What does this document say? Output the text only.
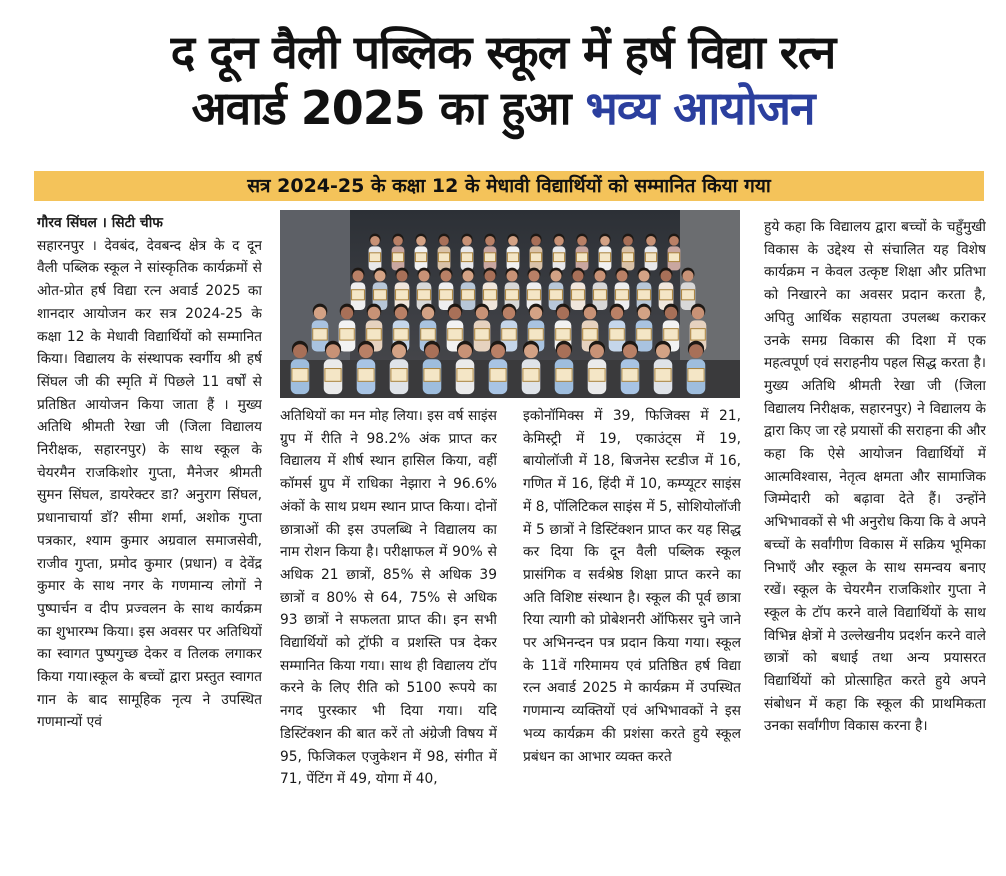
द दून वैली पब्लिक स्कूल में हर्ष विद्या रत्न
अवार्ड 2025 का हुआ भव्य आयोजन
सत्र 2024-25 के कक्षा 12 के मेधावी विद्यार्थियों को सम्मानित किया गया
गौरव सिंघल । सिटी चीफ

सहारनपुर । देवबंद, देवबन्द क्षेत्र के द दून वैली पब्लिक स्कूल ने सांस्कृतिक कार्यक्रमों से ओत-प्रोत हर्ष विद्या रत्न अवार्ड 2025 का शानदार आयोजन कर सत्र 2024-25 के कक्षा 12 के मेधावी विद्यार्थियों को सम्मानित किया। विद्यालय के संस्थापक स्वर्गीय श्री हर्ष सिंघल जी की स्मृति में पिछले 11 वर्षों से प्रतिष्ठित आयोजन किया जाता हैं । मुख्य अतिथि श्रीमती रेखा जी (जिला विद्यालय निरीक्षक, सहारनपुर) के साथ स्कूल के चेयरमैन राजकिशोर गुप्ता, मैनेजर श्रीमती सुमन सिंघल, डायरेक्टर डा? अनुराग सिंघल, प्रधानाचार्या डॉ? सीमा शर्मा, अशोक गुप्ता पत्रकार, श्याम कुमार अग्रवाल समाजसेवी, राजीव गुप्ता, प्रमोद कुमार (प्रधान) व देवेंद्र कुमार के साथ नगर के गणमान्य लोगों ने पुष्पार्चन व दीप प्रज्वलन के साथ कार्यक्रम का शुभारम्भ किया। इस अवसर पर अतिथियों का स्वागत पुष्पगुच्छ देकर व तिलक लगाकर किया गया।स्कूल के बच्चों द्वारा प्रस्तुत स्वागत गान के बाद सामूहिक नृत्य ने उपस्थित गणमान्यों एवं

अतिथियों का मन मोह लिया। इस वर्ष साइंस ग्रुप में रीति ने 98.2% अंक प्राप्त कर विद्यालय में शीर्ष स्थान हासिल किया, वहीं कॉमर्स ग्रुप में राधिका नेझारा ने 96.6% अंकों के साथ प्रथम स्थान प्राप्त किया। दोनों छात्राओं की इस उपलब्धि ने विद्यालय का नाम रोशन किया है। परीक्षाफल में 90% से अधिक 21 छात्रों, 85% से अधिक 39 छात्रों व 80% से 64, 75% से अधिक 93 छात्रों ने सफलता प्राप्त की। इन सभी विद्यार्थियों को ट्रॉफी व प्रशस्ति पत्र देकर सम्मानित किया गया। साथ ही विद्यालय टॉप करने के लिए रीति को 5100 रूपये का नगद पुरस्कार भी दिया गया। यदि डिस्टिंक्शन की बात करें तो अंग्रेजी विषय में 95, फिजिकल एजुकेशन में 98, संगीत में 71, पेंटिंग में 49, योगा में 40,

इकोनॉमिक्स में 39, फिजिक्स में 21, केमिस्ट्री में 19, एकाउंट्स में 19, बायोलॉजी में 18, बिजनेस स्टडीज में 16, गणित में 16, हिंदी में 10, कम्प्यूटर साइंस में 8, पॉलिटिकल साइंस में 5, सोशियोलॉजी में 5 छात्रों ने डिस्टिंक्शन प्राप्त कर यह सिद्ध कर दिया कि दून वैली पब्लिक स्कूल प्रासंगिक व सर्वश्रेष्ठ शिक्षा प्राप्त करने का अति विशिष्ट संस्थान है। स्कूल की पूर्व छात्रा रिया त्यागी को प्रोबेशनरी ऑफिसर चुने जाने पर अभिनन्दन पत्र प्रदान किया गया। स्कूल के 11वें गरिमामय एवं प्रतिष्ठित हर्ष विद्या रत्न अवार्ड 2025 मे कार्यक्रम में उपस्थित गणमान्य व्यक्तियों एवं अभिभावकों ने इस भव्य कार्यक्रम की प्रशंसा करते हुये स्कूल प्रबंधन का आभार व्यक्त करते

हुये कहा कि विद्यालय द्वारा बच्चों के चहुँमुखी विकास के उद्देश्य से संचालित यह विशेष कार्यक्रम न केवल उत्कृष्ट शिक्षा और प्रतिभा को निखारने का अवसर प्रदान करता है, अपितु आर्थिक सहायता उपलब्ध कराकर उनके समग्र विकास की दिशा में एक महत्वपूर्ण एवं सराहनीय पहल सिद्ध करता है। मुख्य अतिथि श्रीमती रेखा जी (जिला विद्यालय निरीक्षक, सहारनपुर) ने विद्यालय के द्वारा किए जा रहे प्रयासों की सराहना की और कहा कि ऐसे आयोजन विद्यार्थियों में आत्मविश्वास, नेतृत्व क्षमता और सामाजिक जिम्मेदारी को बढ़ावा देते हैं। उन्होंने अभिभावकों से भी अनुरोध किया कि वे अपने बच्चों के सर्वांगीण विकास में सक्रिय भूमिका निभाएँ और स्कूल के साथ समन्वय बनाए रखें। स्कूल के चेयरमैन राजकिशोर गुप्ता ने स्कूल के टॉप करने वाले विद्यार्थियों के साथ विभिन्न क्षेत्रों मे उल्लेखनीय प्रदर्शन करने वाले छात्रों को बधाई तथा अन्य प्रयासरत विद्यार्थियों को प्रोत्साहित करते हुये अपने संबोधन में कहा कि स्कूल की प्राथमिकता उनका सर्वांगीण विकास करना है।
